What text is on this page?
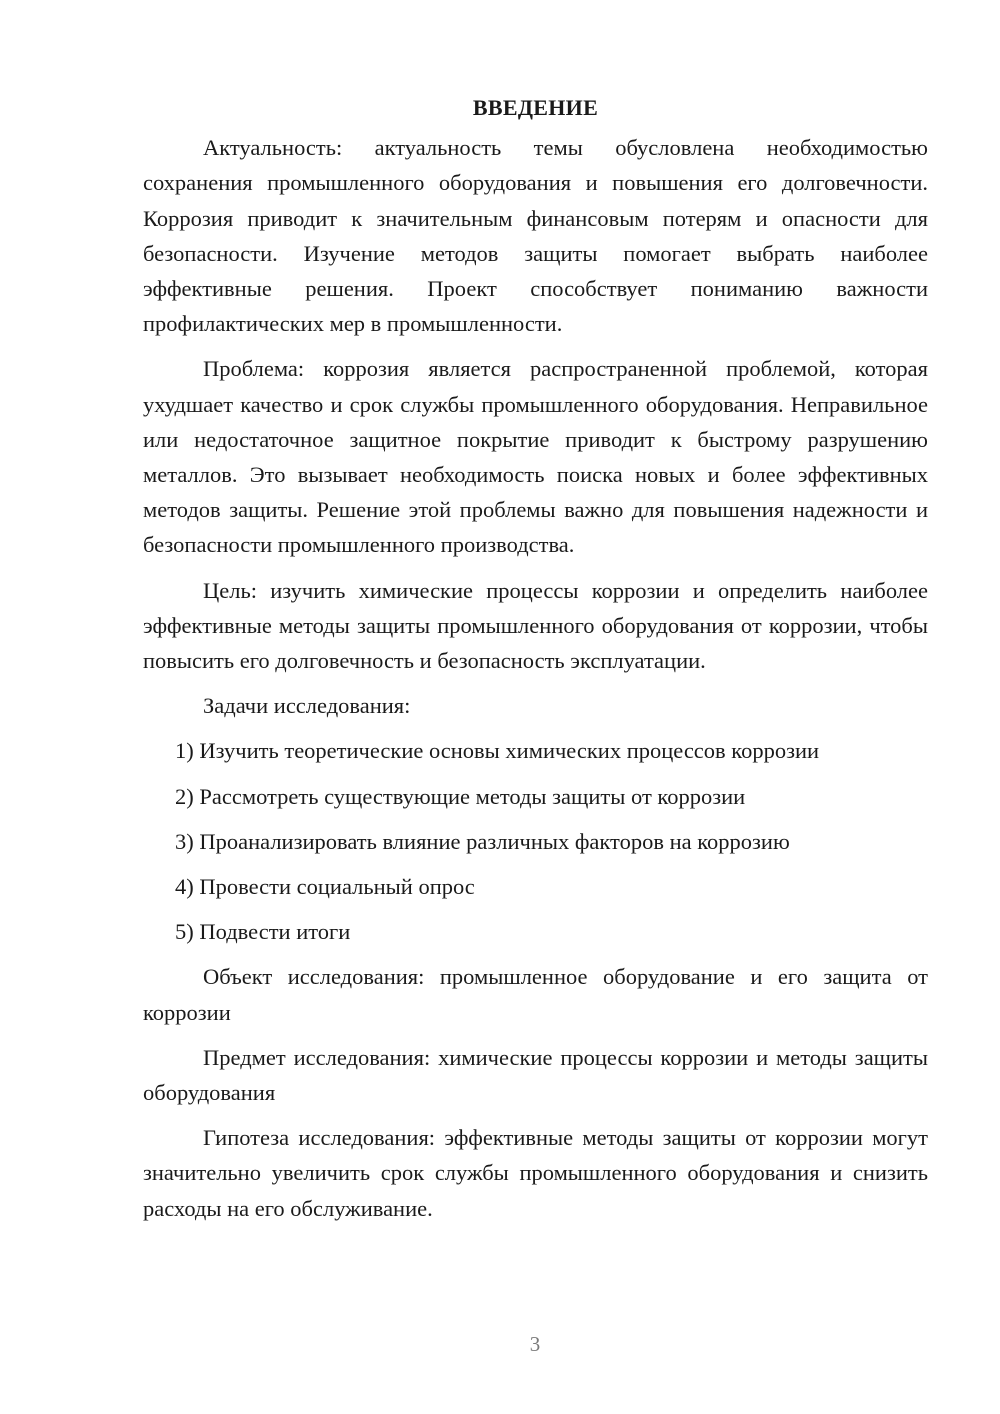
ВВЕДЕНИЕ

Актуальность: актуальность темы обусловлена необходимостью сохранения промышленного оборудования и повышения его долговечности. Коррозия приводит к значительным финансовым потерям и опасности для безопасности. Изучение методов защиты помогает выбрать наиболее эффективные решения. Проект способствует пониманию важности профилактических мер в промышленности.

Проблема: коррозия является распространенной проблемой, которая ухудшает качество и срок службы промышленного оборудования. Неправильное или недостаточное защитное покрытие приводит к быстрому разрушению металлов. Это вызывает необходимость поиска новых и более эффективных методов защиты. Решение этой проблемы важно для повышения надежности и безопасности промышленного производства.

Цель: изучить химические процессы коррозии и определить наиболее эффективные методы защиты промышленного оборудования от коррозии, чтобы повысить его долговечность и безопасность эксплуатации.

Задачи исследования:

1) Изучить теоретические основы химических процессов коррозии

2) Рассмотреть существующие методы защиты от коррозии

3) Проанализировать влияние различных факторов на коррозию

4) Провести социальный опрос

5) Подвести итоги

Объект исследования: промышленное оборудование и его защита от коррозии

Предмет исследования: химические процессы коррозии и методы защиты оборудования

Гипотеза исследования: эффективные методы защиты от коррозии могут значительно увеличить срок службы промышленного оборудования и снизить расходы на его обслуживание.

3
